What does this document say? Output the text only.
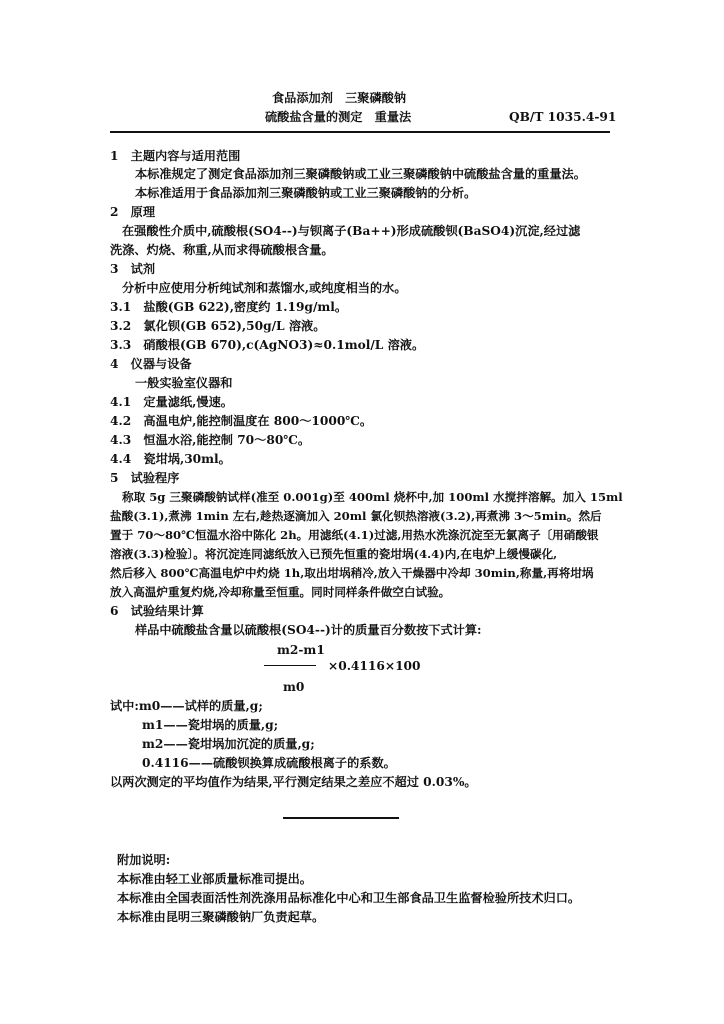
食品添加剂　三聚磷酸钠
硫酸盐含量的测定　重量法	QB/T 1035.4-91
1　主题内容与适用范围
本标准规定了测定食品添加剂三聚磷酸钠或工业三聚磷酸钠中硫酸盐含量的重量法。
本标准适用于食品添加剂三聚磷酸钠或工业三聚磷酸钠的分析。
2　原理
在强酸性介质中,硫酸根(SO4--)与钡离子(Ba++)形成硫酸钡(BaSO4)沉淀,经过滤
洗涤、灼烧、称重,从而求得硫酸根含量。
3　试剂
分析中应使用分析纯试剂和蒸馏水,或纯度相当的水。
3.1　盐酸(GB 622),密度约 1.19g/ml。
3.2　氯化钡(GB 652),50g/L 溶液。
3.3　硝酸根(GB 670),c(AgNO3)≈0.1mol/L 溶液。
4　仪器与设备
一般实验室仪器和
4.1　定量滤纸,慢速。
4.2　高温电炉,能控制温度在 800～1000℃。
4.3　恒温水浴,能控制 70～80℃。
4.4　瓷坩埚,30ml。
5　试验程序
称取 5g 三聚磷酸钠试样(准至 0.001g)至 400ml 烧杯中,加 100ml 水搅拌溶解。加入 15ml
盐酸(3.1),煮沸 1min 左右,趁热逐滴加入 20ml 氯化钡热溶液(3.2),再煮沸 3～5min。然后
置于 70～80℃恒温水浴中陈化 2h。用滤纸(4.1)过滤,用热水洗涤沉淀至无氯离子〔用硝酸银
溶液(3.3)检验〕。将沉淀连同滤纸放入已预先恒重的瓷坩埚(4.4)内,在电炉上缓慢碳化,
然后移入 800℃高温电炉中灼烧 1h,取出坩埚稍冷,放入干燥器中冷却 30min,称量,再将坩埚
放入高温炉重复灼烧,冷却称量至恒重。同时同样条件做空白试验。
6　试验结果计算
样品中硫酸盐含量以硫酸根(SO4--)计的质量百分数按下式计算:
m2-m1
×0.4116×100
m0
试中:m0——试样的质量,g;
m1——瓷坩埚的质量,g;
m2——瓷坩埚加沉淀的质量,g;
0.4116——硫酸钡换算成硫酸根离子的系数。
以两次测定的平均值作为结果,平行测定结果之差应不超过 0.03%。
附加说明:
本标准由轻工业部质量标准司提出。
本标准由全国表面活性剂洗涤用品标准化中心和卫生部食品卫生监督检验所技术归口。
本标准由昆明三聚磷酸钠厂负责起草。
